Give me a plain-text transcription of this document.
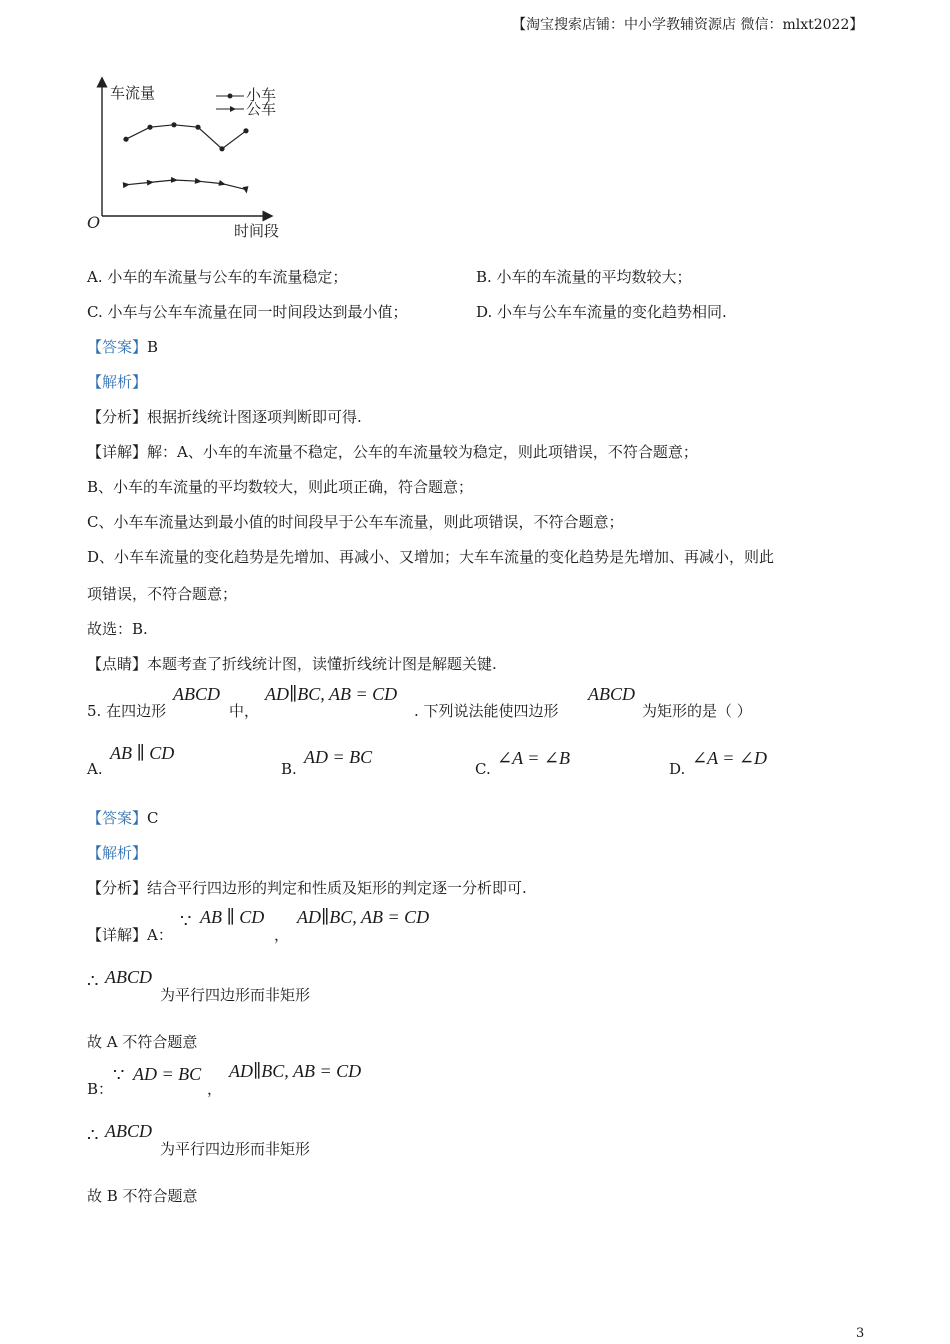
【淘宝搜索店铺：中小学教辅资源店 微信：mlxt2022】
车流量
时间段
O
小车
公车
A. 小车的车流量与公车的车流量稳定；	B. 小车的车流量的平均数较大；
C. 小车与公车车流量在同一时间段达到最小值；	D. 小车与公车车流量的变化趋势相同.
【答案】B
【解析】
【分析】根据折线统计图逐项判断即可得.
【详解】解：A、小车的车流量不稳定，公车的车流量较为稳定，则此项错误，不符合题意；
B、小车的车流量的平均数较大，则此项正确，符合题意；
C、小车车流量达到最小值的时间段早于公车车流量，则此项错误，不符合题意；
D、小车车流量的变化趋势是先增加、再减小、又增加；大车车流量的变化趋势是先增加、再减小，则此
项错误，不符合题意；
故选：B.
【点睛】本题考查了折线统计图，读懂折线统计图是解题关键.
5. 在四边形
ABCD
中，
AD∥BC, AB = CD
. 下列说法能使四边形
ABCD
为矩形的是（ ）
A.
AB ∥ CD
B.
AD = BC
C.
∠A = ∠B
D.
∠A = ∠D
【答案】C
【解析】
【分析】结合平行四边形的判定和性质及矩形的判定逐一分析即可.
【详解】A：
∵ AB ∥ CD
，
AD∥BC, AB = CD
∴ ABCD
为平行四边形而非矩形
故 A 不符合题意
B：
∵ AD = BC
，
AD∥BC, AB = CD
∴ ABCD
为平行四边形而非矩形
故 B 不符合题意
3
